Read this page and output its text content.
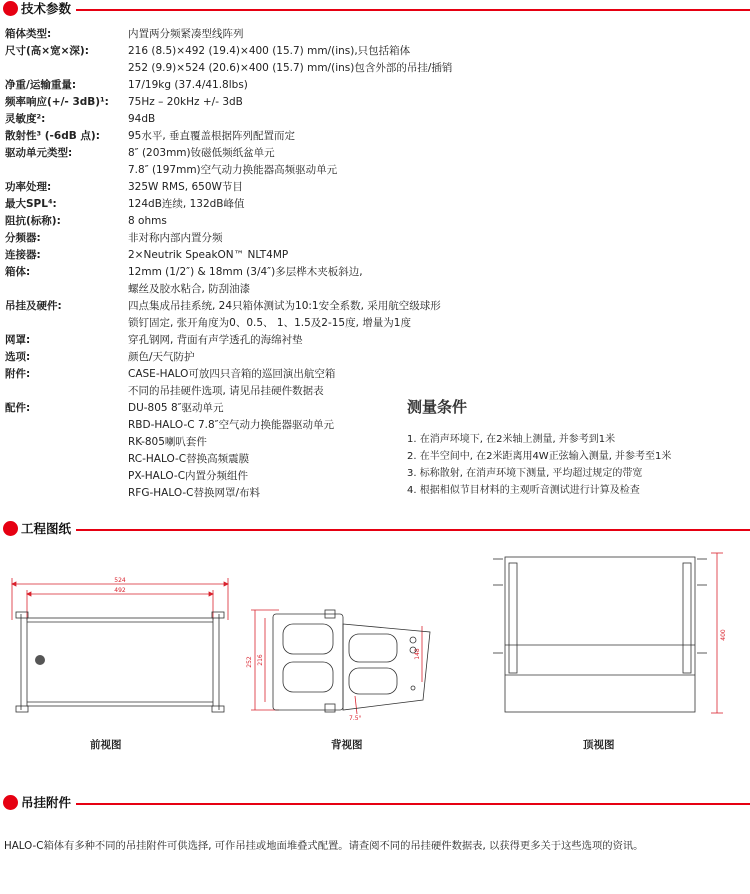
技术参数
箱体类型:	内置两分频紧凑型线阵列
尺寸(高×宽×深):	216 (8.5)×492 (19.4)×400 (15.7) mm/(ins),只包括箱体
252 (9.9)×524 (20.6)×400 (15.7) mm/(ins)包含外部的吊挂/插销
净重/运输重量:	17/19kg (37.4/41.8lbs)
频率响应(+/- 3dB)¹:	75Hz – 20kHz +/- 3dB
灵敏度²:	94dB
散射性³ (-6dB 点):	95水平, 垂直覆盖根据阵列配置而定
驱动单元类型:	8″ (203mm)钕磁低频纸盆单元
7.8″ (197mm)空气动力换能器高频驱动单元
功率处理:	325W RMS, 650W节目
最大SPL⁴:	124dB连续, 132dB峰值
阻抗(标称):	8 ohms
分频器:	非对称内部内置分频
连接器:	2×Neutrik SpeakON™ NLT4MP
箱体:	12mm (1/2″) & 18mm (3/4″)多层桦木夹板斜边,
螺丝及胶水粘合, 防刮油漆
吊挂及硬件:	四点集成吊挂系统, 24只箱体测试为10:1安全系数, 采用航空级球形
锁钉固定, 张开角度为0、0.5、 1、1.5及2-15度, 增量为1度
网罩:	穿孔钢网, 背面有声学透孔的海绵衬垫
选项:	颜色/天气防护
附件:	CASE-HALO可放四只音箱的巡回演出航空箱
不同的吊挂硬件选项, 请见吊挂硬件数据表
配件:	DU-805 8″驱动单元
RBD-HALO-C 7.8″空气动力换能器驱动单元
RK-805喇叭套件
RC-HALO-C替换高频震膜
PX-HALO-C内置分频组件
RFG-HALO-C替换网罩/布料
测量条件
1. 在消声环境下, 在2米轴上测量, 并参考到1米
2. 在半空间中, 在2米距离用4W正弦输入测量, 并参考至1米
3. 标称散射, 在消声环境下测量, 平均超过规定的带宽
4. 根据相似节目材料的主观听音测试进行计算及检查
工程图纸
524
492
前视图
252 216
148
7.5°
背视图
400
顶视图
吊挂附件
HALO-C箱体有多种不同的吊挂附件可供选择, 可作吊挂或地面堆叠式配置。请查阅不同的吊挂硬件数据表, 以获得更多关于这些选项的资讯。
